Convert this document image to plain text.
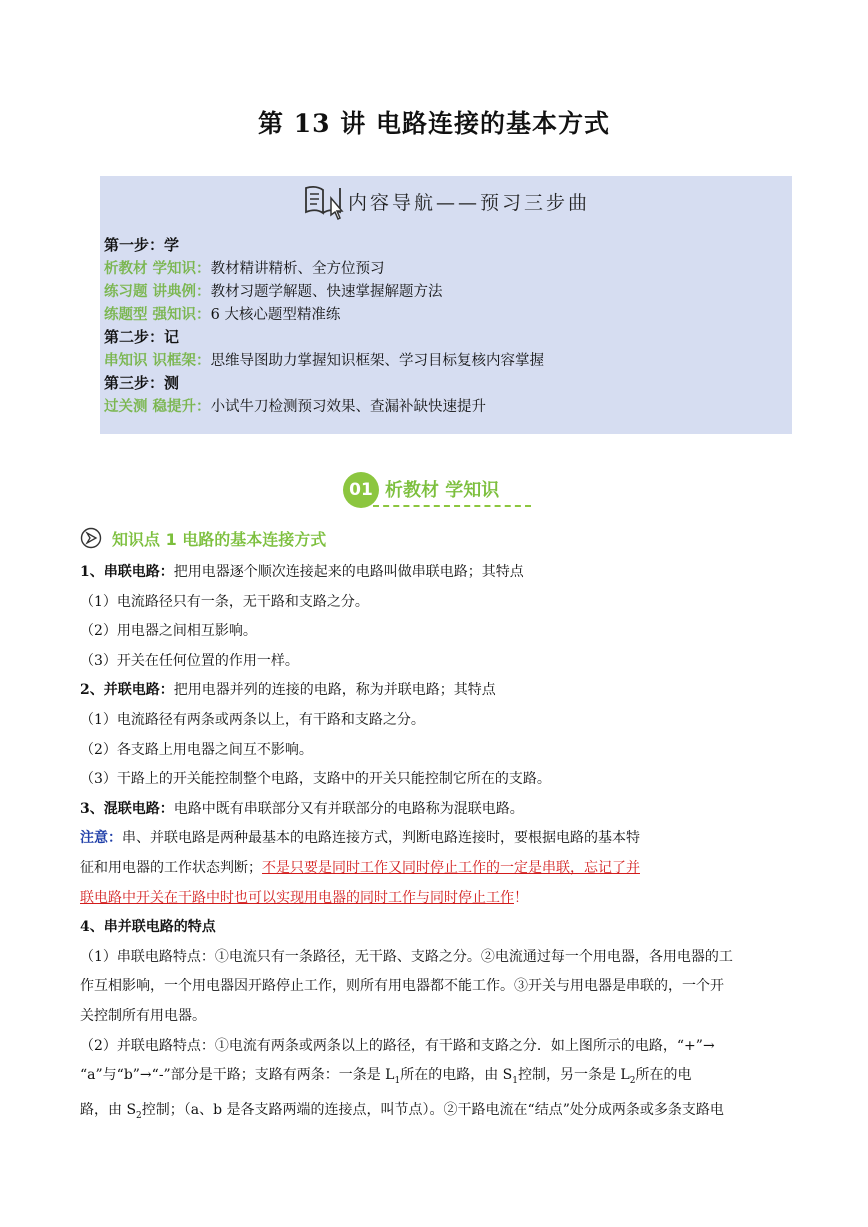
第 13 讲 电路连接的基本方式
内容导航——预习三步曲
第一步：学
析教材 学知识：教材精讲精析、全方位预习
练习题 讲典例：教材习题学解题、快速掌握解题方法
练题型 强知识：6 大核心题型精准练
第二步：记
串知识 识框架：思维导图助力掌握知识框架、学习目标复核内容掌握
第三步：测
过关测 稳提升：小试牛刀检测预习效果、查漏补缺快速提升
01 析教材 学知识
知识点 1 电路的基本连接方式
1、串联电路：把用电器逐个顺次连接起来的电路叫做串联电路；其特点
（1）电流路径只有一条，无干路和支路之分。
（2）用电器之间相互影响。
（3）开关在任何位置的作用一样。
2、并联电路：把用电器并列的连接的电路，称为并联电路；其特点
（1）电流路径有两条或两条以上，有干路和支路之分。
（2）各支路上用电器之间互不影响。
（3）干路上的开关能控制整个电路，支路中的开关只能控制它所在的支路。
3、混联电路：电路中既有串联部分又有并联部分的电路称为混联电路。
注意：串、并联电路是两种最基本的电路连接方式，判断电路连接时，要根据电路的基本特
征和用电器的工作状态判断；不是只要是同时工作又同时停止工作的一定是串联，忘记了并
联电路中开关在干路中时也可以实现用电器的同时工作与同时停止工作！
4、串并联电路的特点
（1）串联电路特点：①电流只有一条路径，无干路、支路之分。②电流通过每一个用电器，各用电器的工
作互相影响，一个用电器因开路停止工作，则所有用电器都不能工作。③开关与用电器是串联的，一个开
关控制所有用电器。
（2）并联电路特点：①电流有两条或两条以上的路径，有干路和支路之分．如上图所示的电路，“+”→
“a”与“b”→“-”部分是干路；支路有两条：一条是 $L_1$所在的电路，由 $S_1$控制，另一条是 $L_2$所在的电
路，由 $S_2$控制；（a、b 是各支路两端的连接点，叫节点）。②干路电流在“结点”处分成两条或多条支路电
